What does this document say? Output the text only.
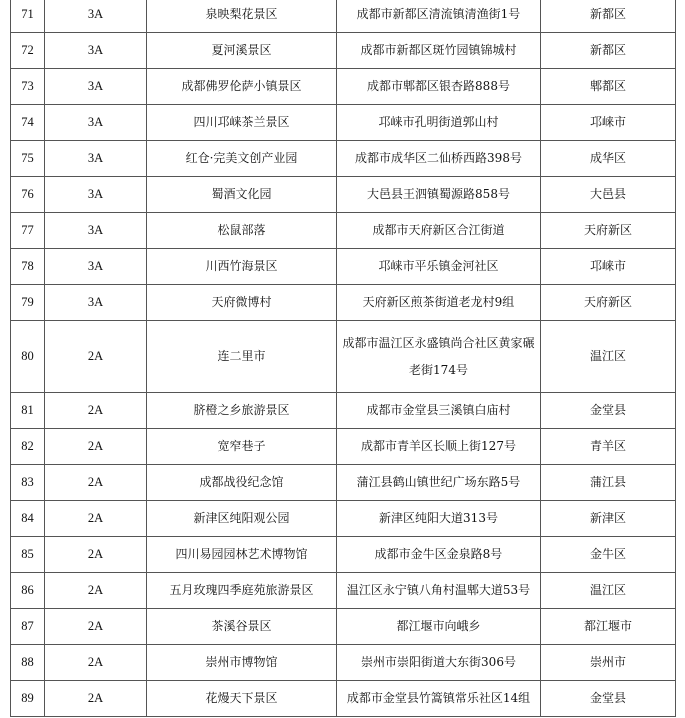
71	3A	泉映梨花景区	成都市新都区清流镇清渔街1号	新都区
72	3A	夏河溪景区	成都市新都区斑竹园镇锦城村	新都区
73	3A	成都佛罗伦萨小镇景区	成都市郫都区银杏路888号	郫都区
74	3A	四川邛崃茶兰景区	邛崃市孔明街道郭山村	邛崃市
75	3A	红仓·完美文创产业园	成都市成华区二仙桥西路398号	成华区
76	3A	蜀酒文化园	大邑县王泗镇蜀源路858号	大邑县
77	3A	松鼠部落	成都市天府新区合江街道	天府新区
78	3A	川西竹海景区	邛崃市平乐镇金河社区	邛崃市
79	3A	天府微博村	天府新区煎茶街道老龙村9组	天府新区
80	2A	连二里市	成都市温江区永盛镇尚合社区黄家碾老街174号	温江区
81	2A	脐橙之乡旅游景区	成都市金堂县三溪镇白庙村	金堂县
82	2A	宽窄巷子	成都市青羊区长顺上街127号	青羊区
83	2A	成都战役纪念馆	蒲江县鹤山镇世纪广场东路5号	蒲江县
84	2A	新津区纯阳观公园	新津区纯阳大道313号	新津区
85	2A	四川易园园林艺术博物馆	成都市金牛区金泉路8号	金牛区
86	2A	五月玫瑰四季庭苑旅游景区	温江区永宁镇八角村温郫大道53号	温江区
87	2A	茶溪谷景区	都江堰市向峨乡	都江堰市
88	2A	崇州市博物馆	崇州市崇阳街道大东街306号	崇州市
89	2A	花熳天下景区	成都市金堂县竹篙镇常乐社区14组	金堂县
